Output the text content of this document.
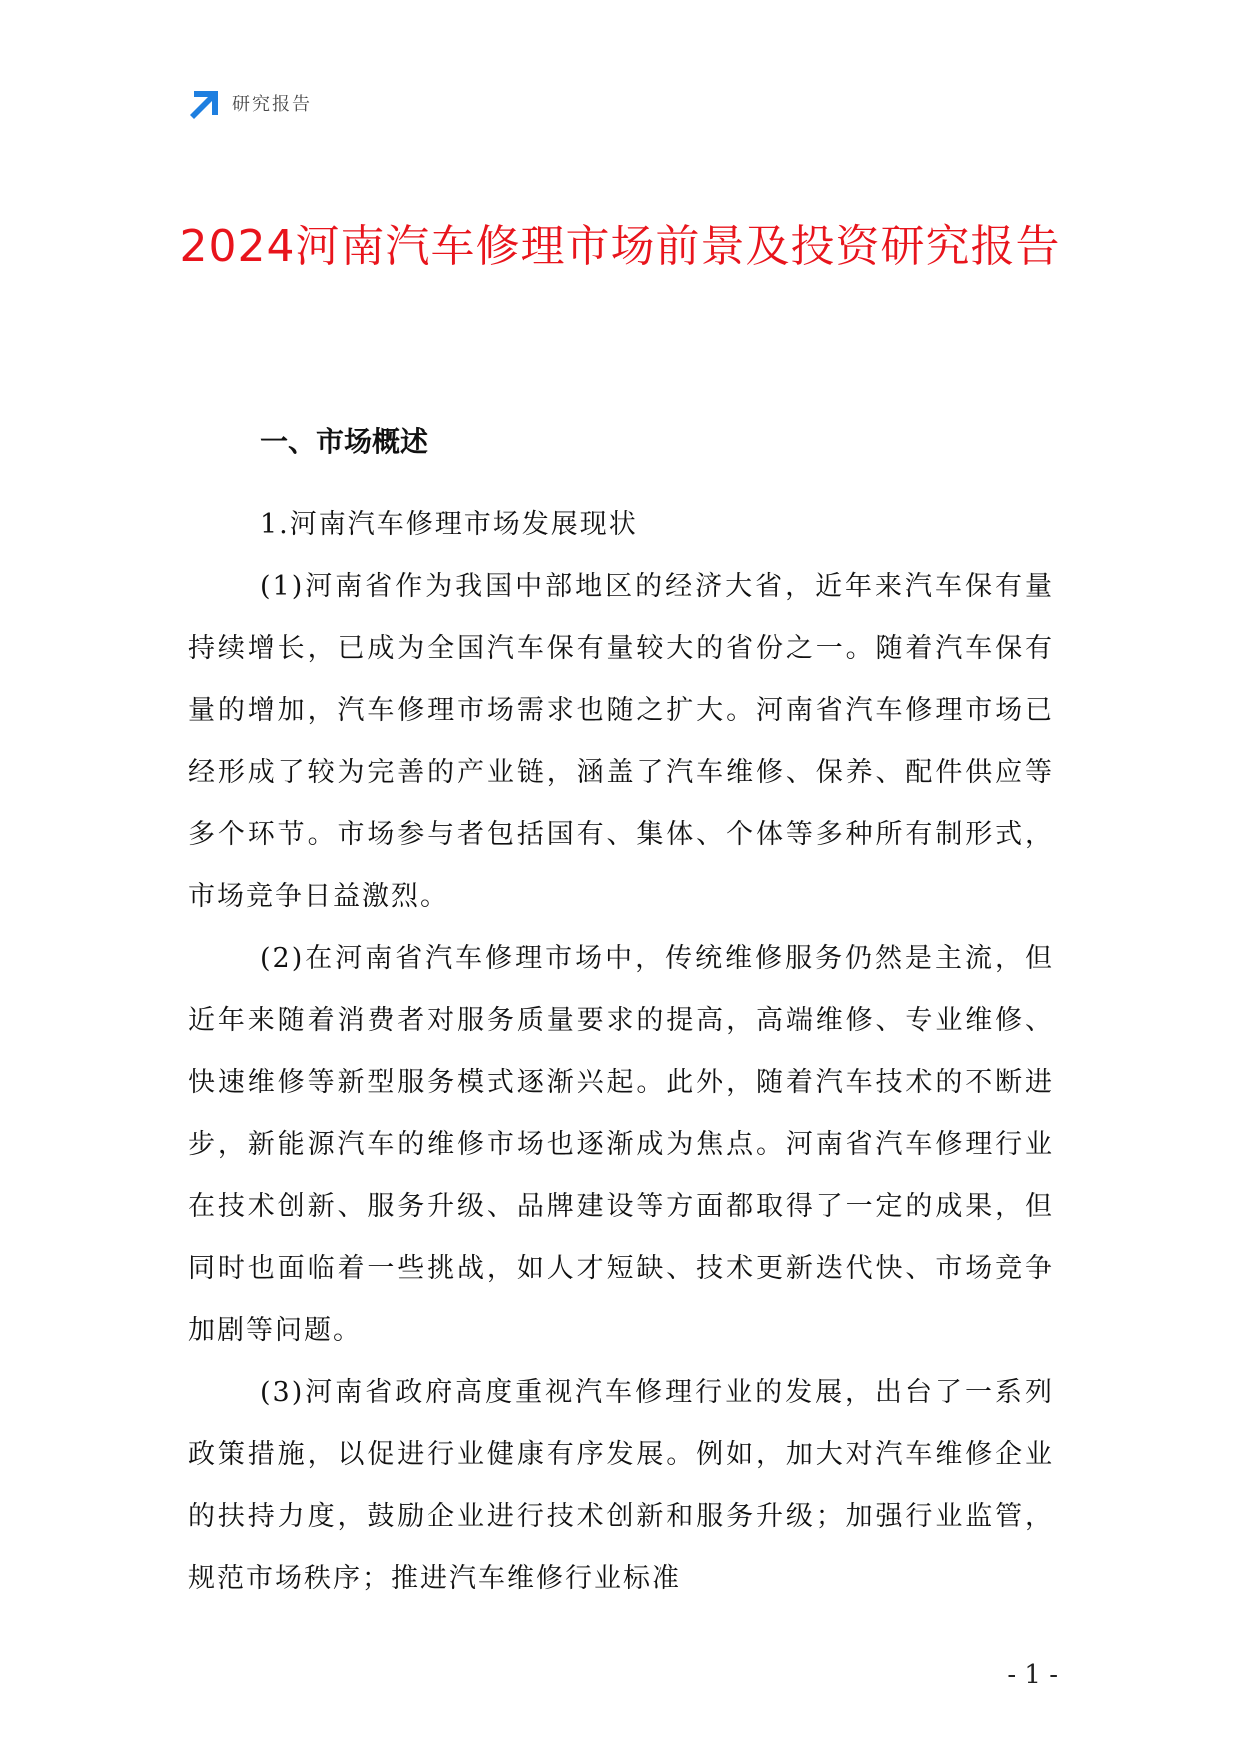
研究报告
2024河南汽车修理市场前景及投资研究报告
一、市场概述

1.河南汽车修理市场发展现状

(1)河南省作为我国中部地区的经济大省，近年来汽车保有量持续增长，已成为全国汽车保有量较大的省份之一。随着汽车保有量的增加，汽车修理市场需求也随之扩大。河南省汽车修理市场已经形成了较为完善的产业链，涵盖了汽车维修、保养、配件供应等多个环节。市场参与者包括国有、集体、个体等多种所有制形式，市场竞争日益激烈。

(2)在河南省汽车修理市场中，传统维修服务仍然是主流，但近年来随着消费者对服务质量要求的提高，高端维修、专业维修、快速维修等新型服务模式逐渐兴起。此外，随着汽车技术的不断进步，新能源汽车的维修市场也逐渐成为焦点。河南省汽车修理行业在技术创新、服务升级、品牌建设等方面都取得了一定的成果，但同时也面临着一些挑战，如人才短缺、技术更新迭代快、市场竞争加剧等问题。

(3)河南省政府高度重视汽车修理行业的发展，出台了一系列政策措施，以促进行业健康有序发展。例如，加大对汽车维修企业的扶持力度，鼓励企业进行技术创新和服务升级；加强行业监管，规范市场秩序；推进汽车维修行业标准

- 1 -
